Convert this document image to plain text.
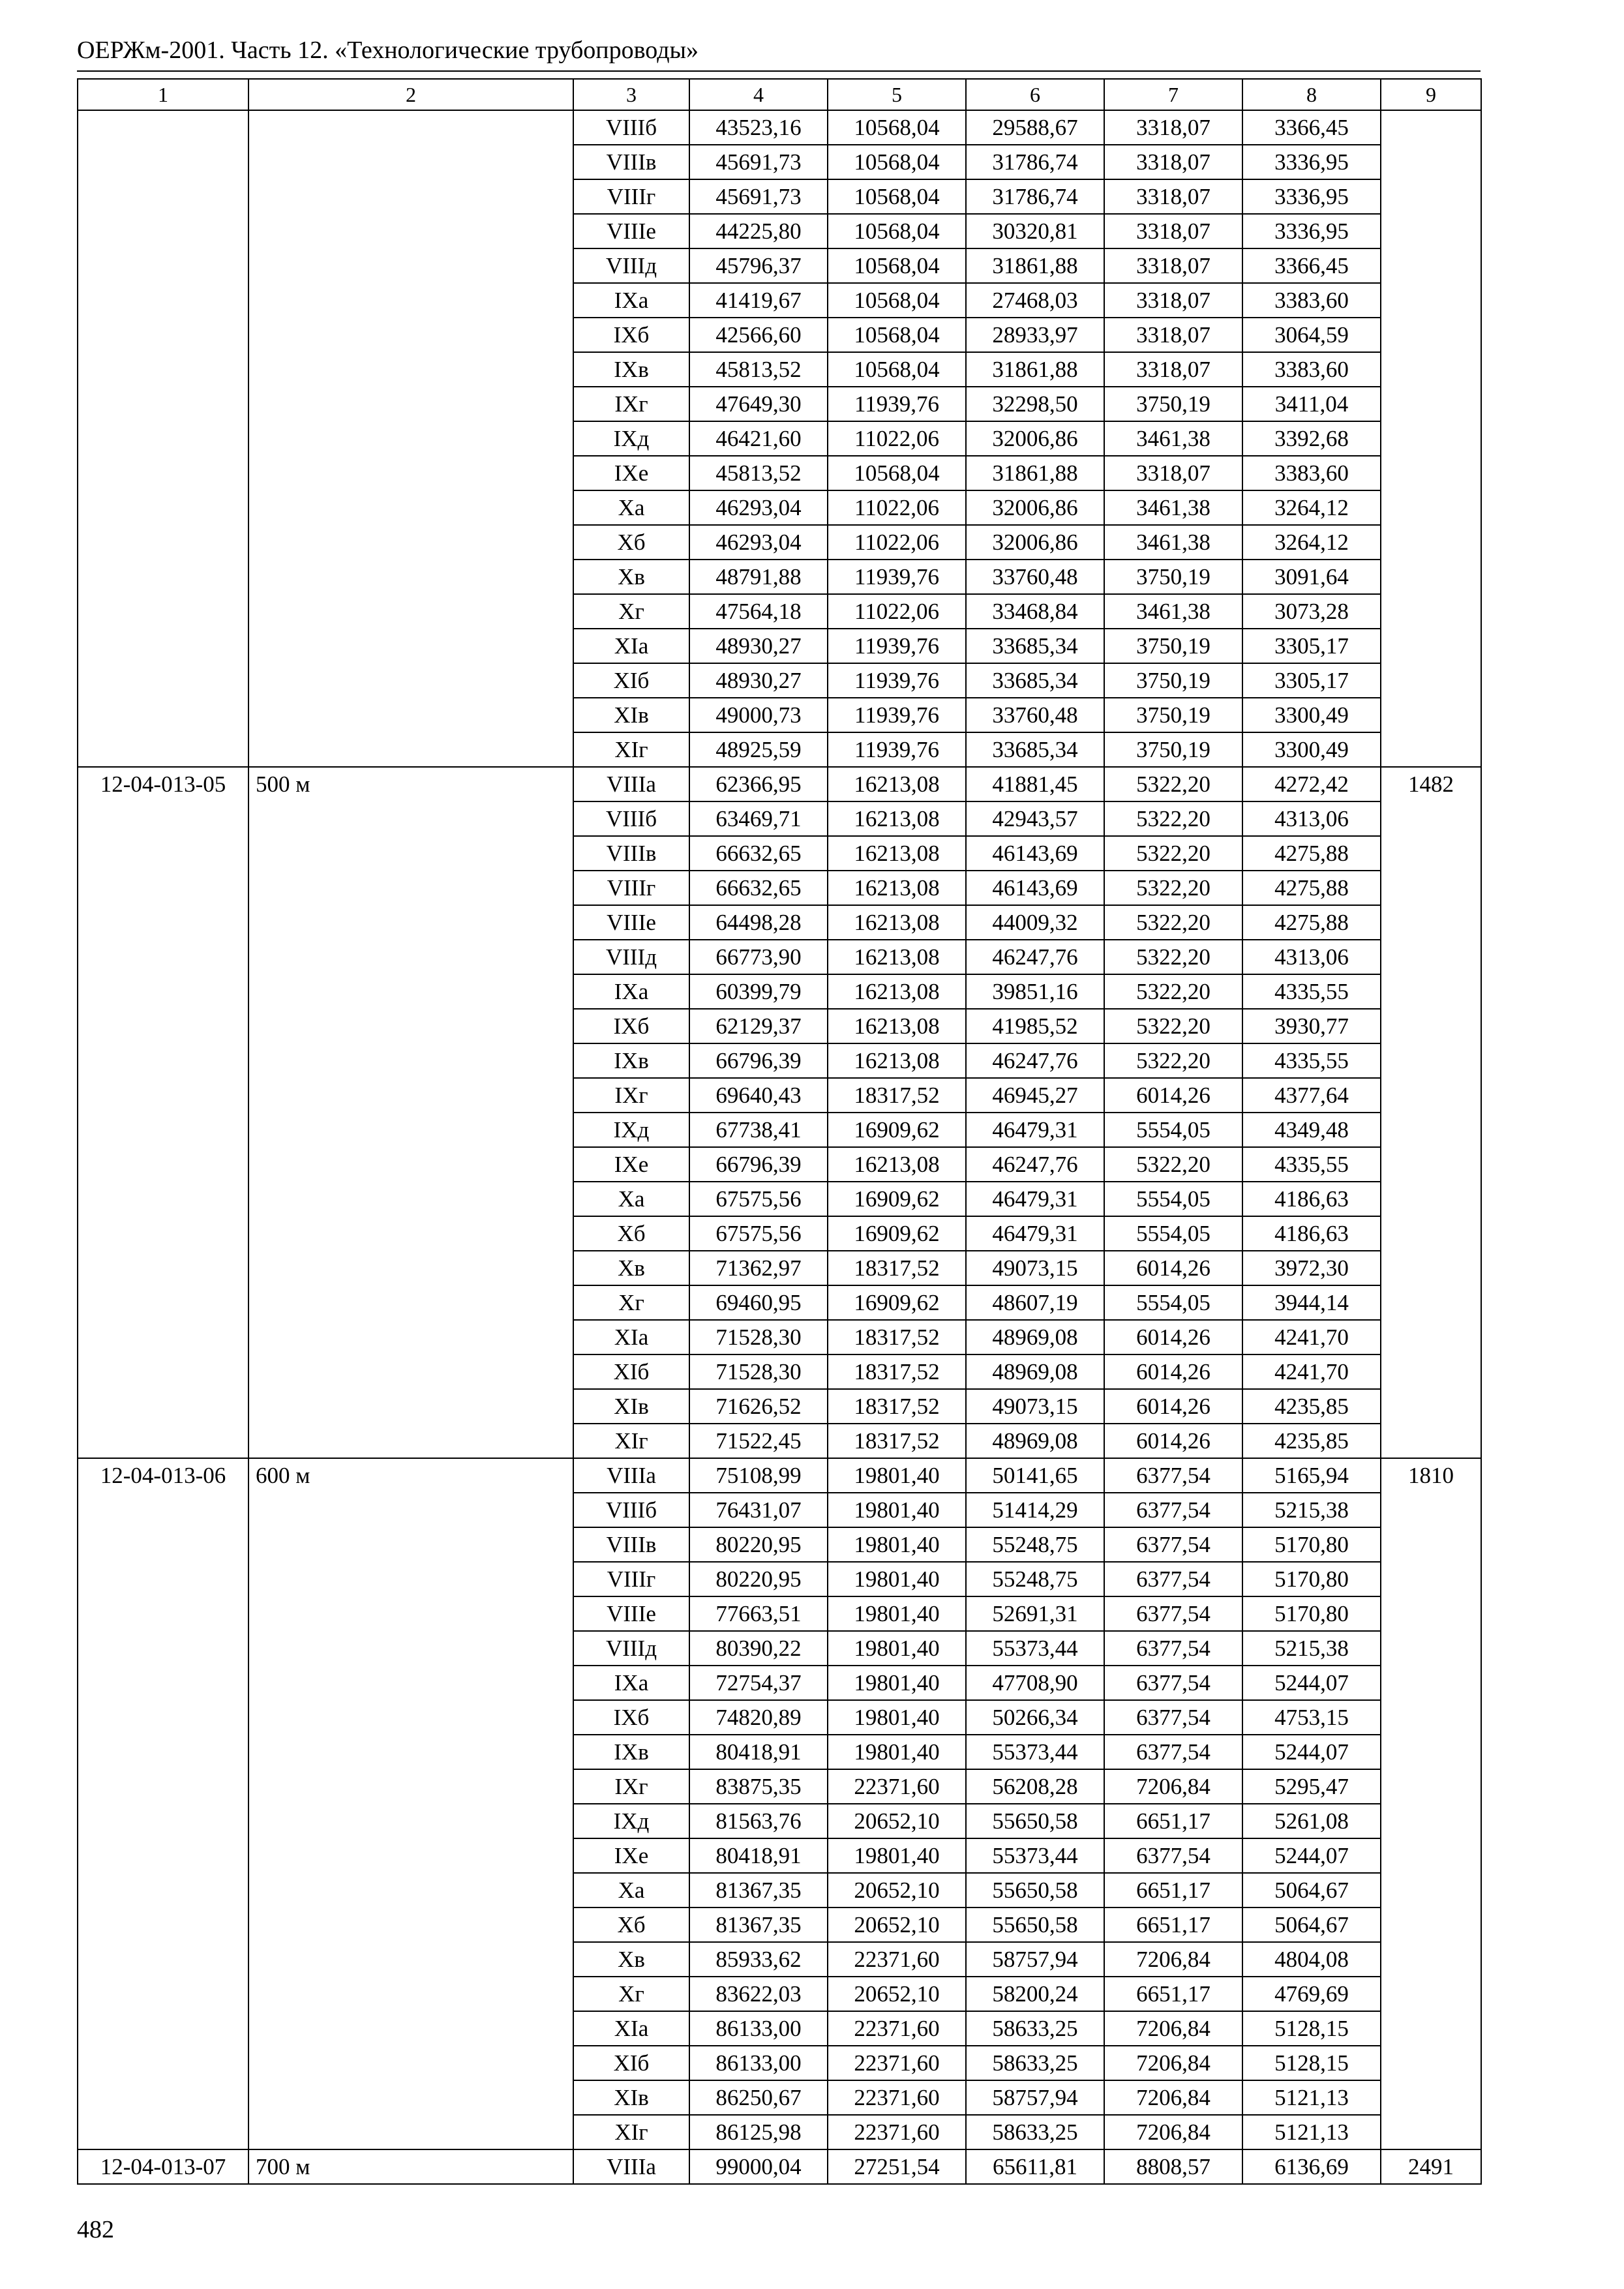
ОЕРЖм-2001. Часть 12. «Технологические трубопроводы»
1	2	3	4	5	6	7	8	9
		VIIIб	43523,16	10568,04	29588,67	3318,07	3366,45	
		VIIIв	45691,73	10568,04	31786,74	3318,07	3336,95	
		VIIIг	45691,73	10568,04	31786,74	3318,07	3336,95	
		VIIIе	44225,80	10568,04	30320,81	3318,07	3336,95	
		VIIIд	45796,37	10568,04	31861,88	3318,07	3366,45	
		IXа	41419,67	10568,04	27468,03	3318,07	3383,60	
		IXб	42566,60	10568,04	28933,97	3318,07	3064,59	
		IXв	45813,52	10568,04	31861,88	3318,07	3383,60	
		IXг	47649,30	11939,76	32298,50	3750,19	3411,04	
		IXд	46421,60	11022,06	32006,86	3461,38	3392,68	
		IXе	45813,52	10568,04	31861,88	3318,07	3383,60	
		Xа	46293,04	11022,06	32006,86	3461,38	3264,12	
		Xб	46293,04	11022,06	32006,86	3461,38	3264,12	
		Xв	48791,88	11939,76	33760,48	3750,19	3091,64	
		Xг	47564,18	11022,06	33468,84	3461,38	3073,28	
		XIа	48930,27	11939,76	33685,34	3750,19	3305,17	
		XIб	48930,27	11939,76	33685,34	3750,19	3305,17	
		XIв	49000,73	11939,76	33760,48	3750,19	3300,49	
		XIг	48925,59	11939,76	33685,34	3750,19	3300,49	
12-04-013-05	500 м	VIIIа	62366,95	16213,08	41881,45	5322,20	4272,42	1482
		VIIIб	63469,71	16213,08	42943,57	5322,20	4313,06	
		VIIIв	66632,65	16213,08	46143,69	5322,20	4275,88	
		VIIIг	66632,65	16213,08	46143,69	5322,20	4275,88	
		VIIIе	64498,28	16213,08	44009,32	5322,20	4275,88	
		VIIIд	66773,90	16213,08	46247,76	5322,20	4313,06	
		IXа	60399,79	16213,08	39851,16	5322,20	4335,55	
		IXб	62129,37	16213,08	41985,52	5322,20	3930,77	
		IXв	66796,39	16213,08	46247,76	5322,20	4335,55	
		IXг	69640,43	18317,52	46945,27	6014,26	4377,64	
		IXд	67738,41	16909,62	46479,31	5554,05	4349,48	
		IXе	66796,39	16213,08	46247,76	5322,20	4335,55	
		Xа	67575,56	16909,62	46479,31	5554,05	4186,63	
		Xб	67575,56	16909,62	46479,31	5554,05	4186,63	
		Xв	71362,97	18317,52	49073,15	6014,26	3972,30	
		Xг	69460,95	16909,62	48607,19	5554,05	3944,14	
		XIа	71528,30	18317,52	48969,08	6014,26	4241,70	
		XIб	71528,30	18317,52	48969,08	6014,26	4241,70	
		XIв	71626,52	18317,52	49073,15	6014,26	4235,85	
		XIг	71522,45	18317,52	48969,08	6014,26	4235,85	
12-04-013-06	600 м	VIIIа	75108,99	19801,40	50141,65	6377,54	5165,94	1810
		VIIIб	76431,07	19801,40	51414,29	6377,54	5215,38	
		VIIIв	80220,95	19801,40	55248,75	6377,54	5170,80	
		VIIIг	80220,95	19801,40	55248,75	6377,54	5170,80	
		VIIIе	77663,51	19801,40	52691,31	6377,54	5170,80	
		VIIIд	80390,22	19801,40	55373,44	6377,54	5215,38	
		IXа	72754,37	19801,40	47708,90	6377,54	5244,07	
		IXб	74820,89	19801,40	50266,34	6377,54	4753,15	
		IXв	80418,91	19801,40	55373,44	6377,54	5244,07	
		IXг	83875,35	22371,60	56208,28	7206,84	5295,47	
		IXд	81563,76	20652,10	55650,58	6651,17	5261,08	
		IXе	80418,91	19801,40	55373,44	6377,54	5244,07	
		Xа	81367,35	20652,10	55650,58	6651,17	5064,67	
		Xб	81367,35	20652,10	55650,58	6651,17	5064,67	
		Xв	85933,62	22371,60	58757,94	7206,84	4804,08	
		Xг	83622,03	20652,10	58200,24	6651,17	4769,69	
		XIа	86133,00	22371,60	58633,25	7206,84	5128,15	
		XIб	86133,00	22371,60	58633,25	7206,84	5128,15	
		XIв	86250,67	22371,60	58757,94	7206,84	5121,13	
		XIг	86125,98	22371,60	58633,25	7206,84	5121,13	
12-04-013-07	700 м	VIIIа	99000,04	27251,54	65611,81	8808,57	6136,69	2491
482
